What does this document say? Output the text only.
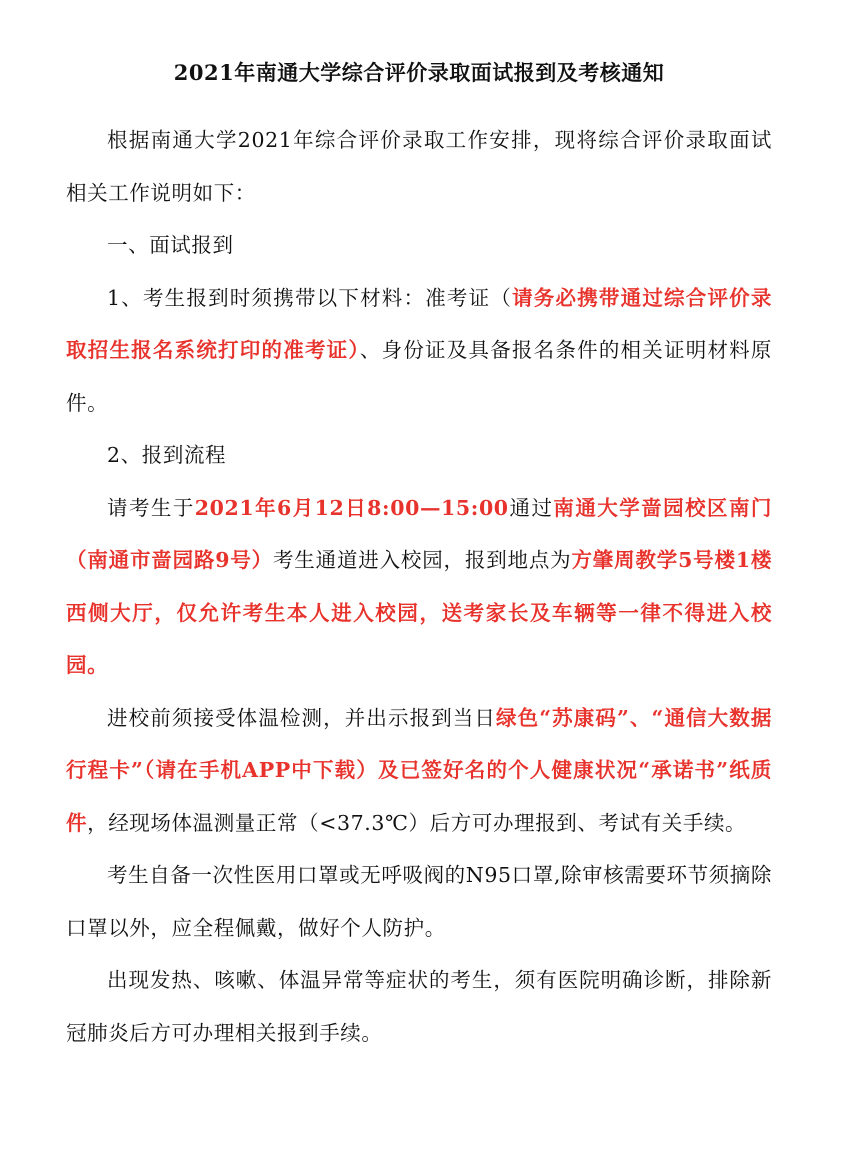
2021年南通大学综合评价录取面试报到及考核通知

根据南通大学2021年综合评价录取工作安排，现将综合评价录取面试相关工作说明如下：

一、面试报到

1、考生报到时须携带以下材料：准考证（请务必携带通过综合评价录取招生报名系统打印的准考证）、身份证及具备报名条件的相关证明材料原件。

2、报到流程

请考生于2021年6月12日8:00—15:00通过南通大学啬园校区南门（南通市啬园路9号）考生通道进入校园，报到地点为方肇周教学5号楼1楼西侧大厅，仅允许考生本人进入校园，送考家长及车辆等一律不得进入校园。

进校前须接受体温检测，并出示报到当日绿色“苏康码”、“通信大数据行程卡”（请在手机APP中下载）及已签好名的个人健康状况“承诺书”纸质件，经现场体温测量正常（<37.3℃）后方可办理报到、考试有关手续。

考生自备一次性医用口罩或无呼吸阀的N95口罩,除审核需要环节须摘除口罩以外，应全程佩戴，做好个人防护。

出现发热、咳嗽、体温异常等症状的考生，须有医院明确诊断，排除新冠肺炎后方可办理相关报到手续。
